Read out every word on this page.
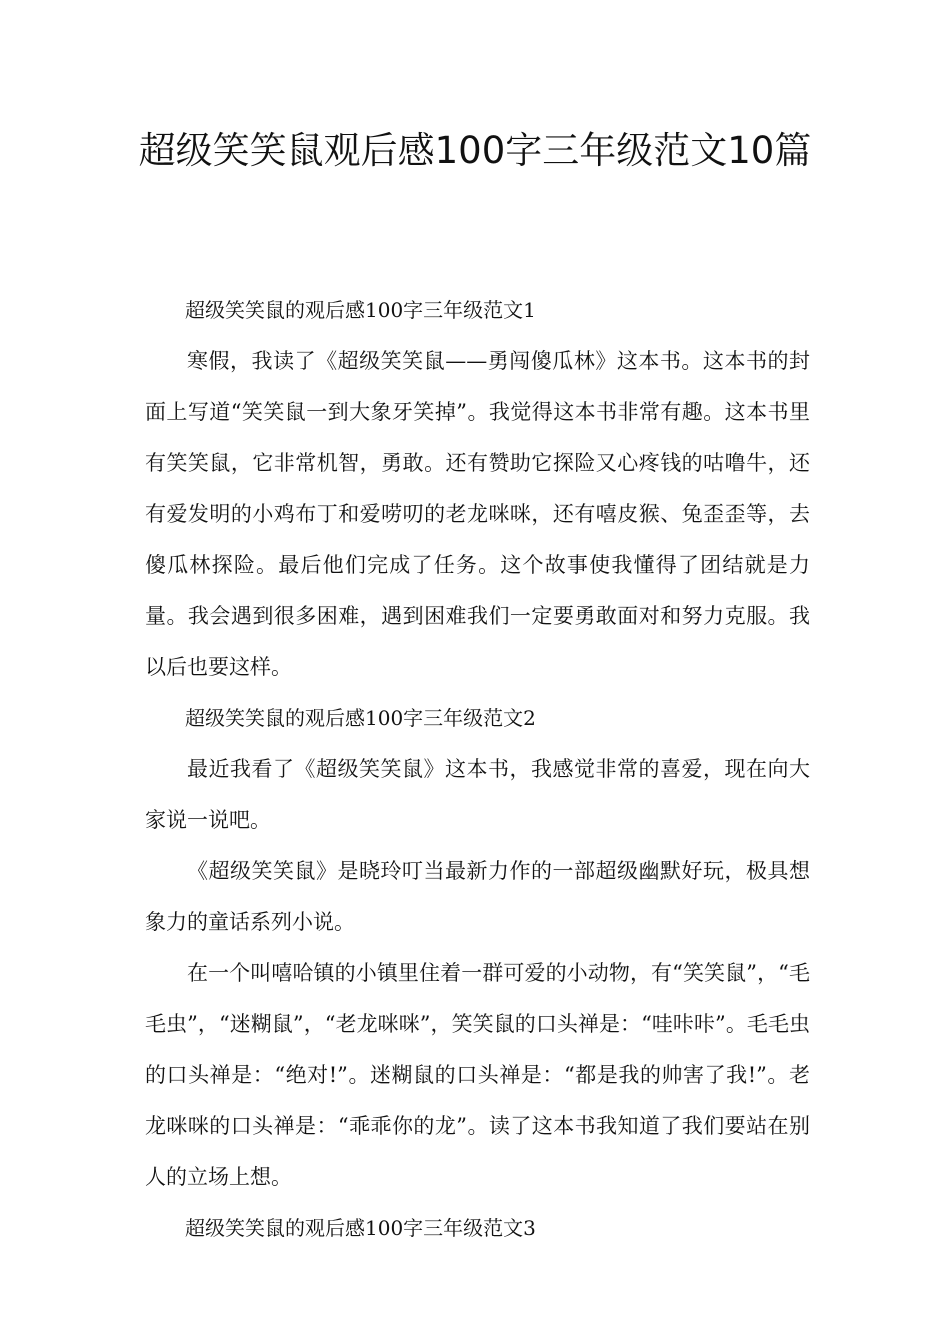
超级笑笑鼠观后感100字三年级范文10篇

超级笑笑鼠的观后感100字三年级范文1

寒假，我读了《超级笑笑鼠——勇闯傻瓜林》这本书。这本书的封面上写道“笑笑鼠一到大象牙笑掉”。我觉得这本书非常有趣。这本书里有笑笑鼠，它非常机智，勇敢。还有赞助它探险又心疼钱的咕噜牛，还有爱发明的小鸡布丁和爱唠叨的老龙咪咪，还有嘻皮猴、兔歪歪等，去傻瓜林探险。最后他们完成了任务。这个故事使我懂得了团结就是力量。我会遇到很多困难，遇到困难我们一定要勇敢面对和努力克服。我以后也要这样。

超级笑笑鼠的观后感100字三年级范文2

最近我看了《超级笑笑鼠》这本书，我感觉非常的喜爱，现在向大家说一说吧。

《超级笑笑鼠》是晓玲叮当最新力作的一部超级幽默好玩，极具想象力的童话系列小说。

在一个叫嘻哈镇的小镇里住着一群可爱的小动物，有“笑笑鼠”，“毛毛虫”，“迷糊鼠”，“老龙咪咪”，笑笑鼠的口头禅是：“哇咔咔”。毛毛虫的口头禅是：“绝对!”。迷糊鼠的口头禅是：“都是我的帅害了我!”。老龙咪咪的口头禅是：“乖乖你的龙”。读了这本书我知道了我们要站在别人的立场上想。

超级笑笑鼠的观后感100字三年级范文3
